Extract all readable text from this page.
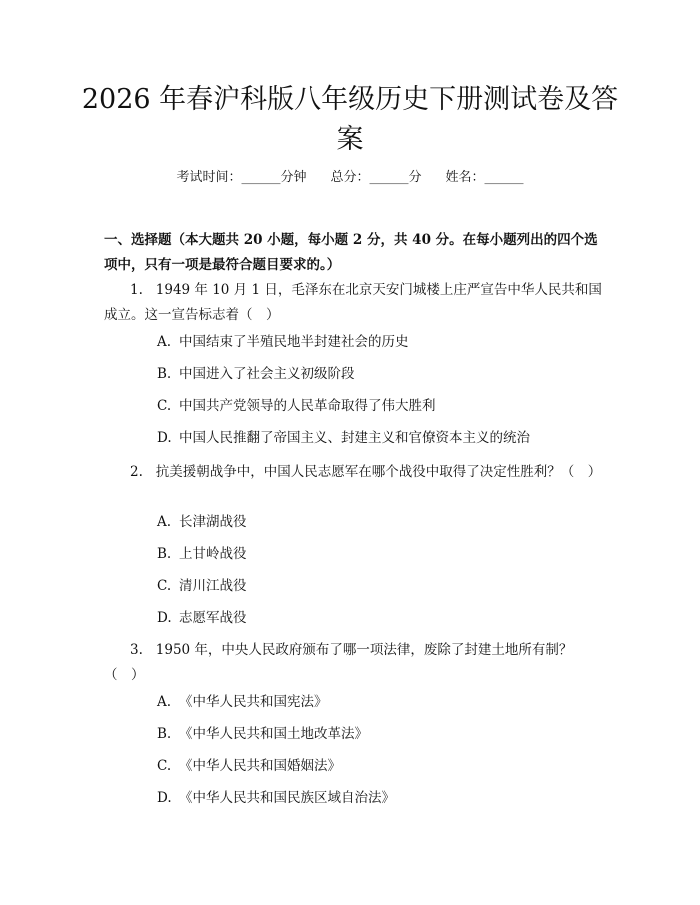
2026 年春沪科版八年级历史下册测试卷及答
案
考试时间：______分钟 总分：______分 姓名：______
一、选择题（本大题共 20 小题，每小题 2 分，共 40 分。在每小题列出的四个选项中，只有一项是最符合题目要求的。）
1. 1949 年 10 月 1 日，毛泽东在北京天安门城楼上庄严宣告中华人民共和国成立。这一宣告标志着（　）
A. 中国结束了半殖民地半封建社会的历史
B. 中国进入了社会主义初级阶段
C. 中国共产党领导的人民革命取得了伟大胜利
D. 中国人民推翻了帝国主义、封建主义和官僚资本主义的统治
2. 抗美援朝战争中，中国人民志愿军在哪个战役中取得了决定性胜利？（　）
A. 长津湖战役
B. 上甘岭战役
C. 清川江战役
D. 志愿军战役
3. 1950 年，中央人民政府颁布了哪一项法律，废除了封建土地所有制？（　）
A. 《中华人民共和国宪法》
B. 《中华人民共和国土地改革法》
C. 《中华人民共和国婚姻法》
D. 《中华人民共和国民族区域自治法》
